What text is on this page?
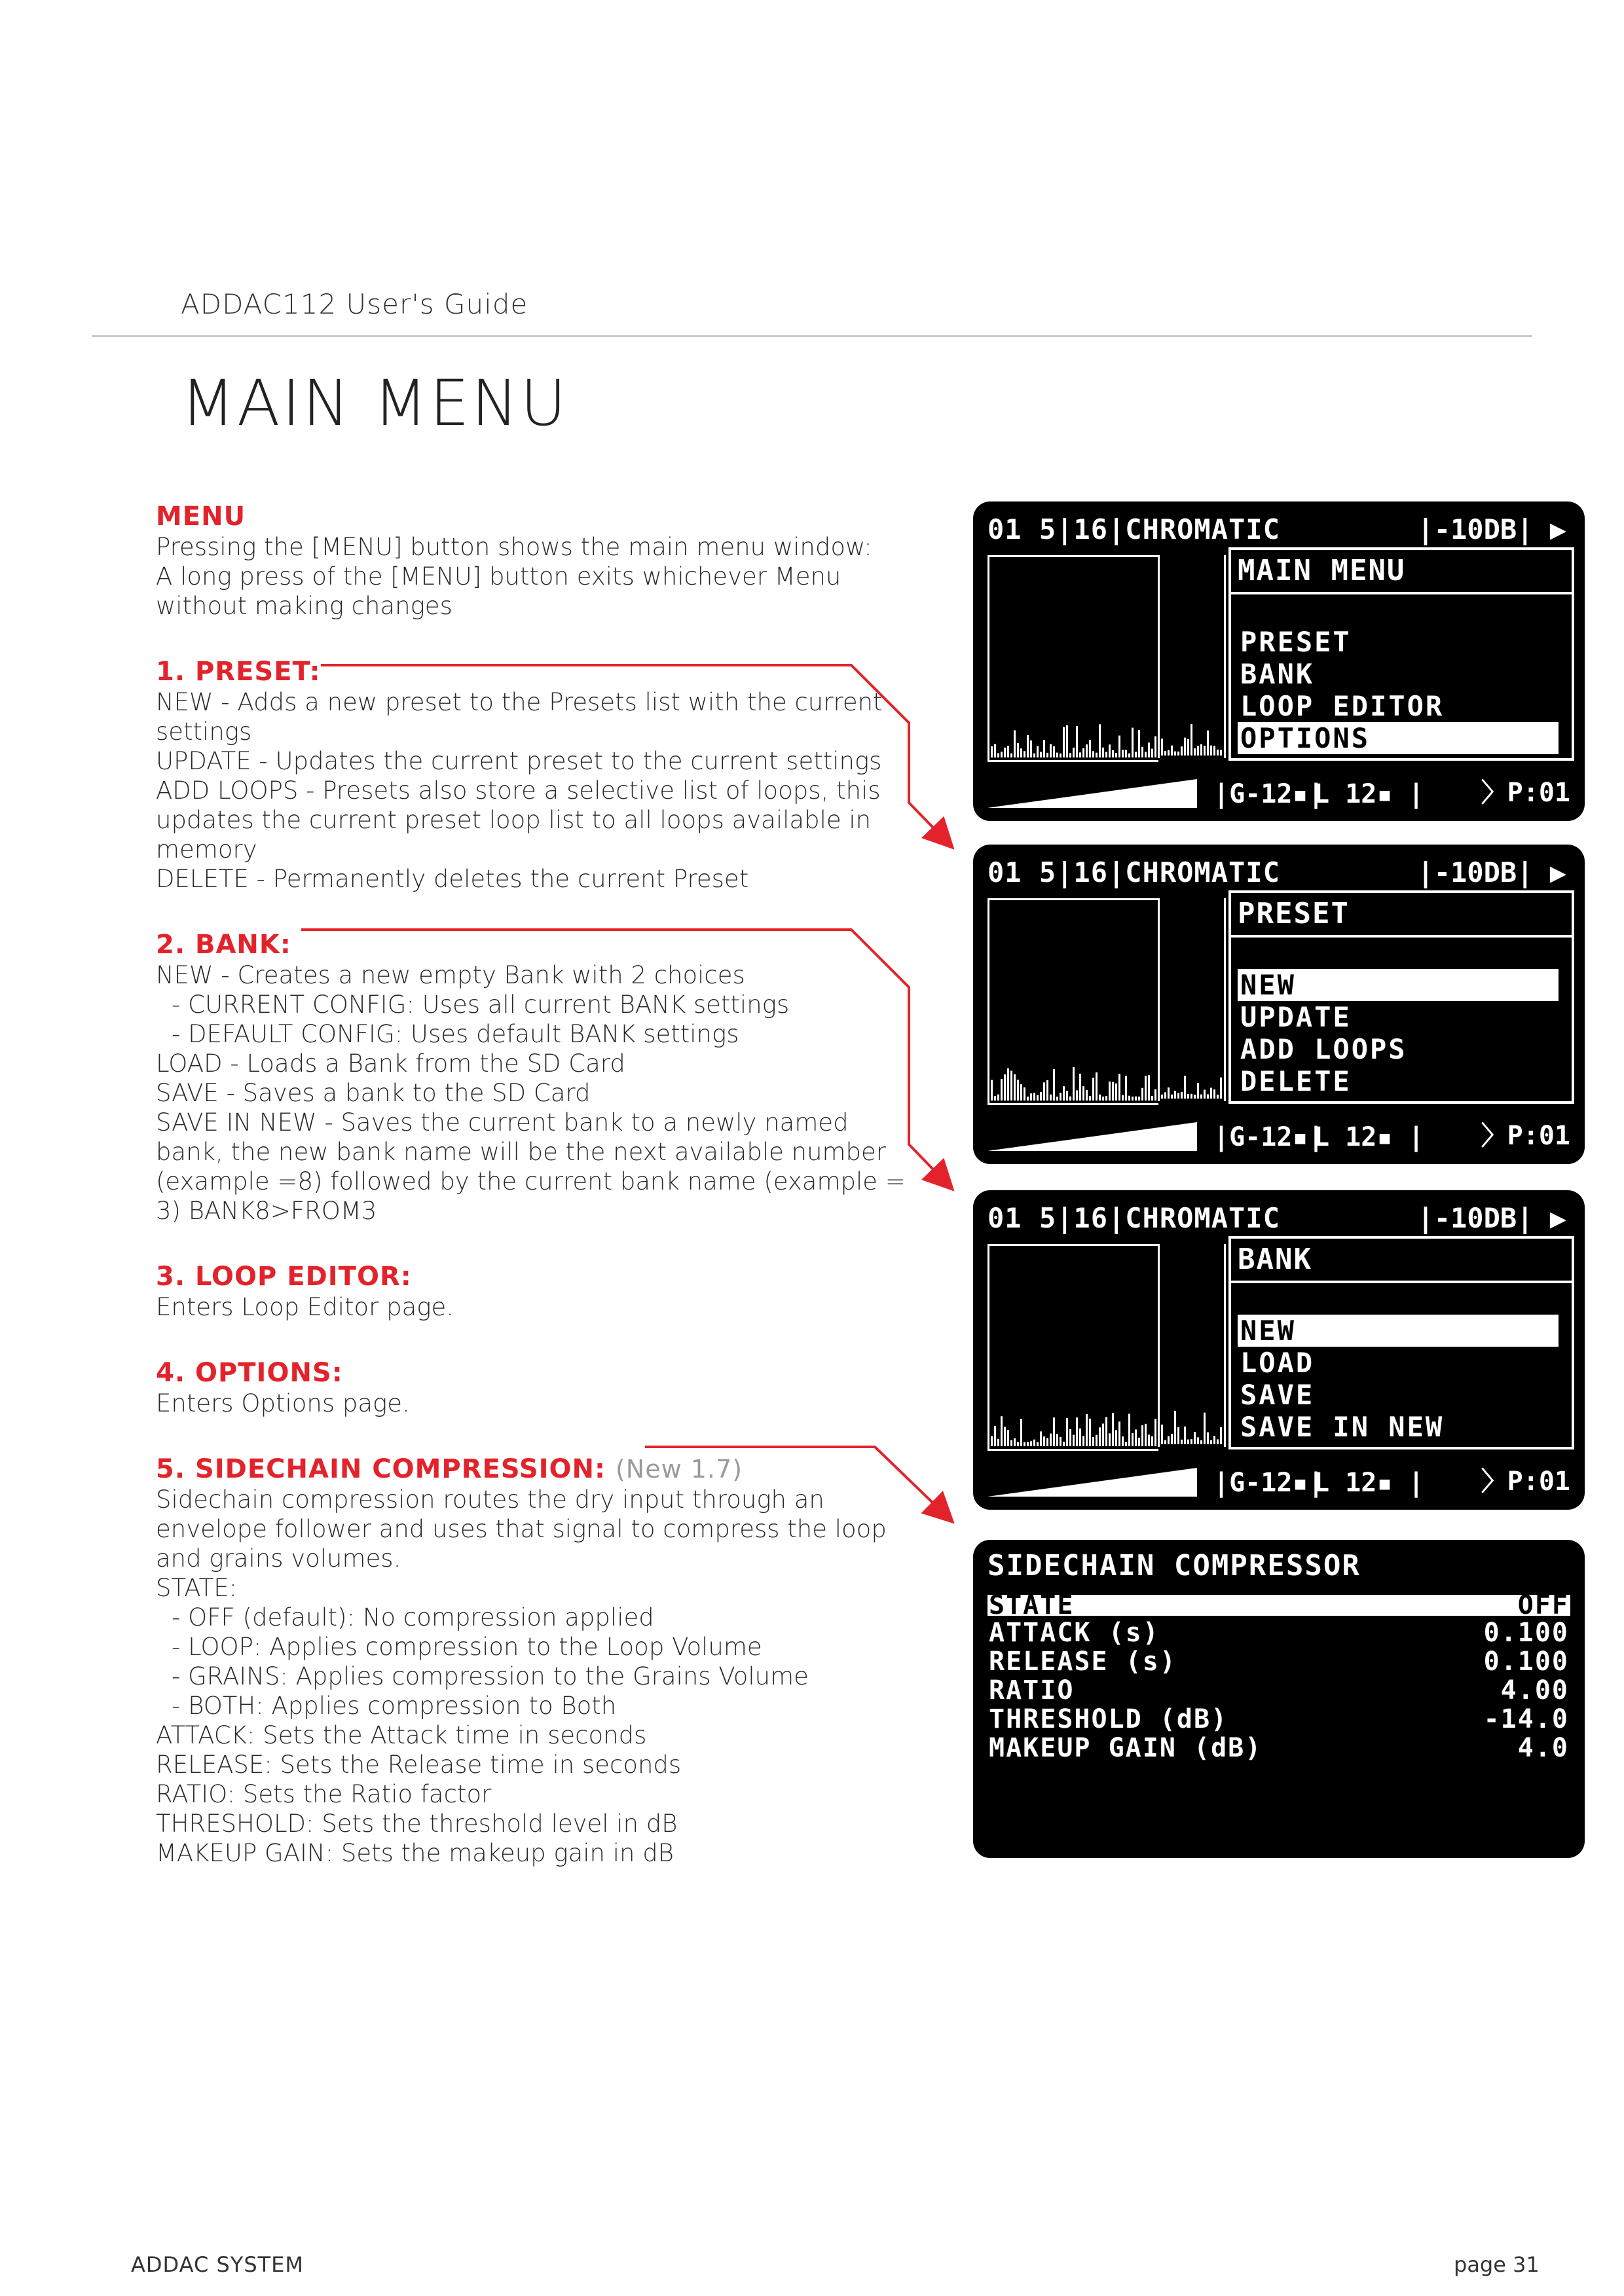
ADDAC112 User's Guide
MAIN MENU
MENU
Pressing the [MENU] button shows the main menu window:
A long press of the [MENU] button exits whichever Menu
without making changes
1. PRESET:
NEW - Adds a new preset to the Presets list with the current
settings
UPDATE - Updates the current preset to the current settings
ADD LOOPS - Presets also store a selective list of loops, this
updates the current preset loop list to all loops available in
memory
DELETE - Permanently deletes the current Preset
2. BANK:
NEW - Creates a new empty Bank with 2 choices
- CURRENT CONFIG: Uses all current BANK settings
- DEFAULT CONFIG: Uses default BANK settings
LOAD - Loads a Bank from the SD Card
SAVE - Saves a bank to the SD Card
SAVE IN NEW - Saves the current bank to a newly named
bank, the new bank name will be the next available number
(example =8) followed by the current bank name (example =
3) BANK8>FROM3
3. LOOP EDITOR:
Enters Loop Editor page.
4. OPTIONS:
Enters Options page.
5. SIDECHAIN COMPRESSION: (New 1.7)
Sidechain compression routes the dry input through an
envelope follower and uses that signal to compress the loop
and grains volumes.
STATE:
- OFF (default): No compression applied
- LOOP: Applies compression to the Loop Volume
- GRAINS: Applies compression to the Grains Volume
- BOTH: Applies compression to Both
ATTACK: Sets the Attack time in seconds
RELEASE: Sets the Release time in seconds
RATIO: Sets the Ratio factor
THRESHOLD: Sets the threshold level in dB
MAKEUP GAIN: Sets the makeup gain in dB
01 5|16|CHROMATIC	|-10DB| ▶
MAIN MENU
PRESET
BANK
LOOP EDITOR
OPTIONS

|G-12▪|

L 12▪ |

〉P:01

01 5|16|CHROMATIC	|-10DB| ▶
PRESET
NEW
UPDATE
ADD LOOPS
DELETE

|G-12▪|

L 12▪ |

〉P:01

01 5|16|CHROMATIC	|-10DB| ▶
BANK
NEW
LOAD
SAVE
SAVE IN NEW

|G-12▪|

L 12▪ |

〉P:01

SIDECHAIN COMPRESSOR
STATE	OFF
ATTACK (s)	0.100
RELEASE (s)	0.100
RATIO	4.00
THRESHOLD (dB)	-14.0
MAKEUP GAIN (dB)	4.0
ADDAC SYSTEM	page 31
